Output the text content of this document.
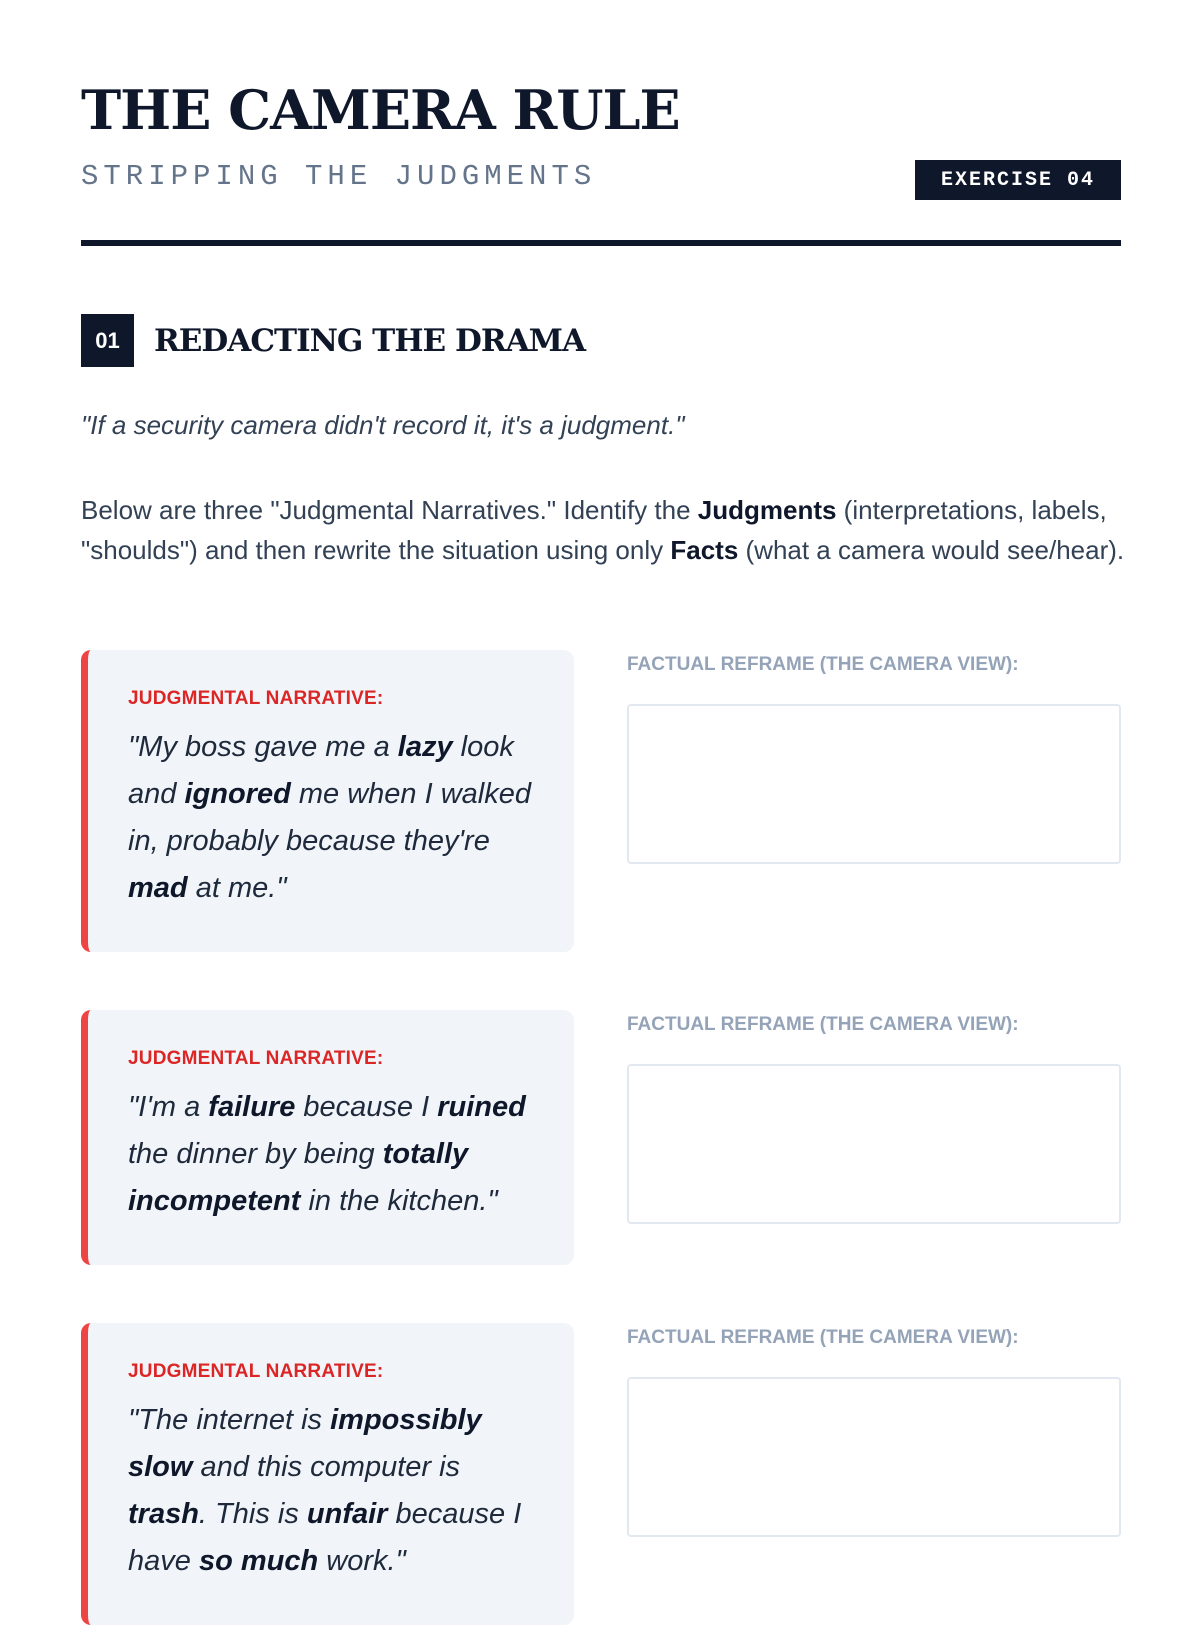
THE CAMERA RULE
STRIPPING THE JUDGMENTS	EXERCISE 04
01	REDACTING THE DRAMA
"If a security camera didn't record it, it's a judgment."
Below are three "Judgmental Narratives." Identify the Judgments (interpretations, labels, "shoulds") and then rewrite the situation using only Facts (what a camera would see/hear).
JUDGMENTAL NARRATIVE:
"My boss gave me a lazy look and ignored me when I walked in, probably because they're mad at me."
FACTUAL REFRAME (THE CAMERA VIEW):
JUDGMENTAL NARRATIVE:
"I'm a failure because I ruined the dinner by being totally incompetent in the kitchen."
FACTUAL REFRAME (THE CAMERA VIEW):
JUDGMENTAL NARRATIVE:
"The internet is impossibly slow and this computer is trash. This is unfair because I have so much work."
FACTUAL REFRAME (THE CAMERA VIEW):
